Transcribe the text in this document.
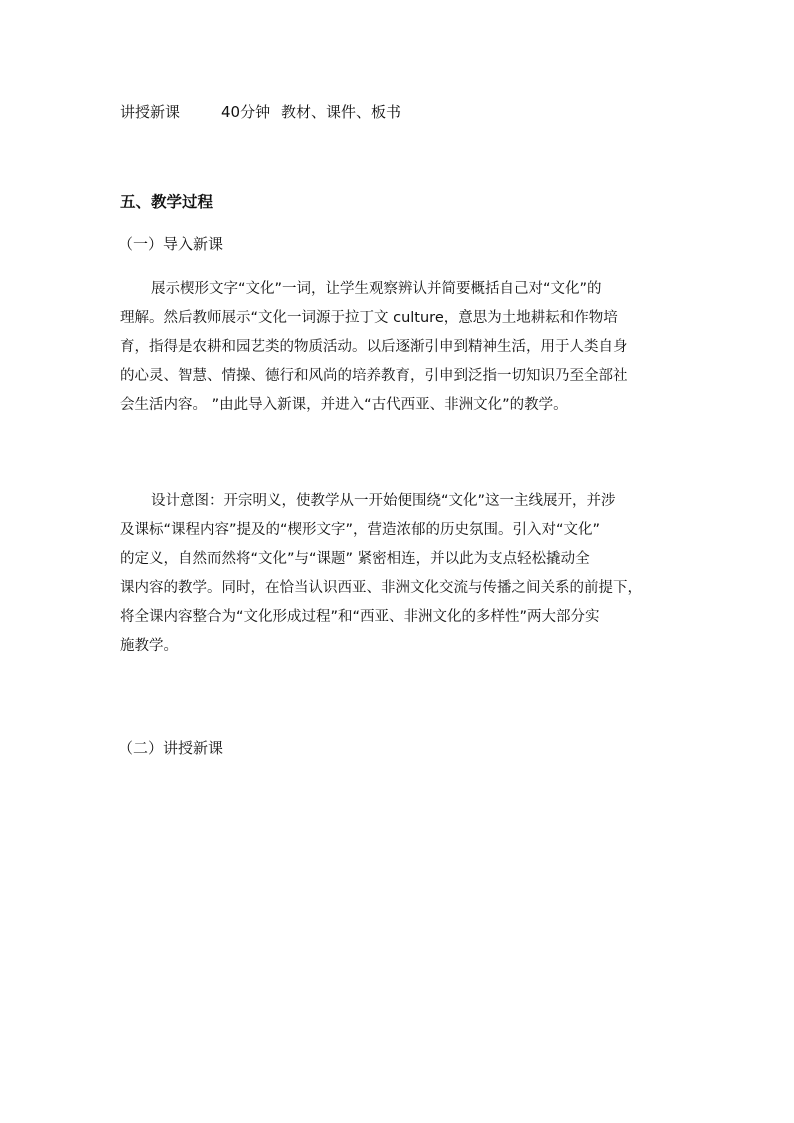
讲授新课	40分钟 教材、课件、板书
五、教学过程
（一）导入新课

展示楔形文字“文化”一词，让学生观察辨认并简要概括自己对“文化”的
理解。然后教师展示“文化一词源于拉丁文 culture，意思为土地耕耘和作物培
育，指得是农耕和园艺类的物质活动。以后逐渐引申到精神生活，用于人类自身
的心灵、智慧、情操、德行和风尚的培养教育，引申到泛指一切知识乃至全部社
会生活内容。 ”由此导入新课，并进入“古代西亚、非洲文化”的教学。

设计意图：开宗明义，使教学从一开始便围绕“文化”这一主线展开，并涉
及课标“课程内容”提及的“楔形文字”，营造浓郁的历史氛围。引入对“文化”
的定义，自然而然将“文化”与“课题” 紧密相连，并以此为支点轻松撬动全
课内容的教学。同时，在恰当认识西亚、非洲文化交流与传播之间关系的前提下，
将全课内容整合为“文化形成过程”和“西亚、非洲文化的多样性”两大部分实
施教学。

（二）讲授新课
